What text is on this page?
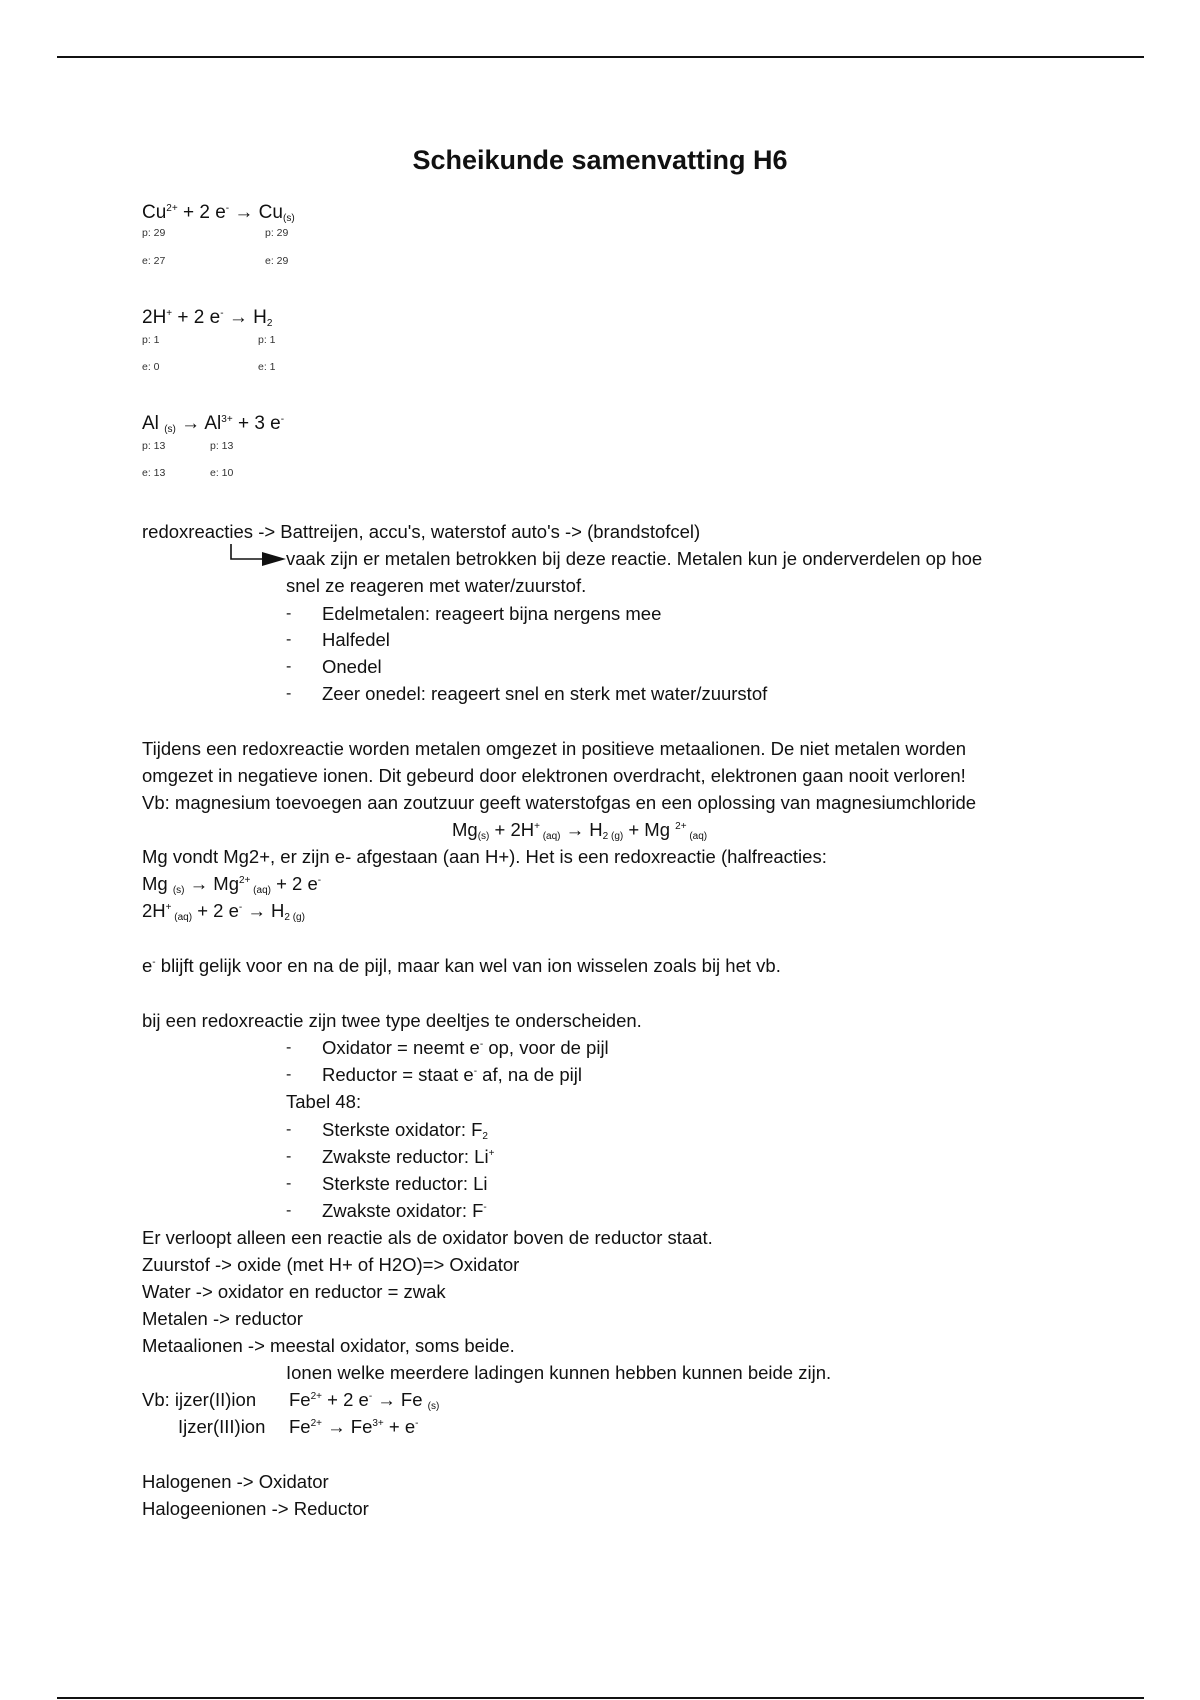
Scheikunde samenvatting H6
$Cu^{2+} + 2$ $e^- \to Cu_{(s)}$
p: 29
e: 27
p: 29
e: 29
2H+ + 2 $e^- \to H_2$
p: 1
e: 0
p: 1
e: 1
Al $_{(s)} \to Al^{3+} + 3$ e-
p: 13
e: 13
p: 13
e: 10
redoxreacties -> Battreijen, accu's, waterstof auto's -> (brandstofcel)
vaak zijn er metalen betrokken bij deze reactie. Metalen kun je onderverdelen op hoe
snel ze reageren met water/zuurstof.
- Edelmetalen: reageert bijna nergens mee
- Halfedel
- Onedel
- Zeer onedel: reageert snel en sterk met water/zuurstof
Tijdens een redoxreactie worden metalen omgezet in positieve metaalionen. De niet metalen worden
omgezet in negatieve ionen. Dit gebeurd door elektronen overdracht, elektronen gaan nooit verloren!
Vb: magnesium toevoegen aan zoutzuur geeft waterstofgas en een oplossing van magnesiumchloride
$Mg_{(s)} + 2H^+$ $_{(aq)} \to H_{2 (g)} + Mg$ $^{2+}$ $_{(aq)}$
Mg vondt Mg2+, er zijn e- afgestaan (aan H+). Het is een redoxreactie (halfreacties:
Mg $_{(s)} \to Mg^{2+}$ $_{(aq)}$ + 2 e-
2H+ $_{(aq)}$ + 2 $e^- \to H_{2 (g)}$
e- blijft gelijk voor en na de pijl, maar kan wel van ion wisselen zoals bij het vb.
bij een redoxreactie zijn twee type deeltjes te onderscheiden.
- Oxidator = neemt e- op, voor de pijl
- Reductor = staat e- af, na de pijl
Tabel 48:
- Sterkste oxidator: $F_2$
- Zwakste reductor: Li+
- Sterkste reductor: Li
- Zwakste oxidator: F-
Er verloopt alleen een reactie als de oxidator boven de reductor staat.
Zuurstof -> oxide (met H+ of H2O)=> Oxidator
Water -> oxidator en reductor = zwak
Metalen -> reductor
Metaalionen -> meestal oxidator, soms beide.
Ionen welke meerdere ladingen kunnen hebben kunnen beide zijn.
Vb: ijzer(II)ion $Fe^{2+} + 2$ e- → Fe $_{(s)}$
Ijzer(III)ion $Fe^{2+} \to Fe^{3+} + e^-$
Halogenen -> Oxidator
Halogeenionen -> Reductor
